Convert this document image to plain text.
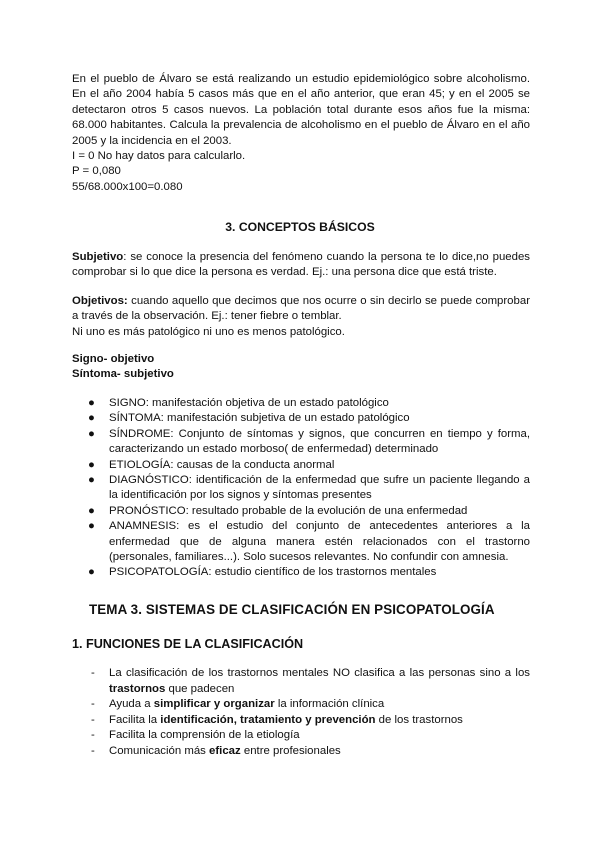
En el pueblo de Álvaro se está realizando un estudio epidemiológico sobre alcoholismo. En el año 2004 había 5 casos más que en el año anterior, que eran 45; y en el 2005 se detectaron otros 5 casos nuevos. La población total durante esos años fue la misma: 68.000 habitantes. Calcula la prevalencia de alcoholismo en el pueblo de Álvaro en el año 2005 y la incidencia en el 2003.

I = 0 No hay datos para calcularlo.

P = 0,080

55/68.000x100=0.080

3. CONCEPTOS BÁSICOS

Subjetivo: se conoce la presencia del fenómeno cuando la persona te lo dice,no puedes comprobar si lo que dice la persona es verdad. Ej.: una persona dice que está triste.

Objetivos: cuando aquello que decimos que nos ocurre o sin decirlo se puede comprobar a través de la observación. Ej.: tener fiebre o temblar.

Ni uno es más patológico ni uno es menos patológico.

Signo- objetivo

Síntoma- subjetivo

● SIGNO: manifestación objetiva de un estado patológico
● SÍNTOMA: manifestación subjetiva de un estado patológico
● SÍNDROME: Conjunto de síntomas y signos, que concurren en tiempo y forma, caracterizando un estado morboso( de enfermedad) determinado
● ETIOLOGÍA: causas de la conducta anormal
● DIAGNÓSTICO: identificación de la enfermedad que sufre un paciente llegando a la identificación por los signos y síntomas presentes
● PRONÓSTICO: resultado probable de la evolución de una enfermedad
● ANAMNESIS: es el estudio del conjunto de antecedentes anteriores a la enfermedad que de alguna manera estén relacionados con el trastorno (personales, familiares...). Solo sucesos relevantes. No confundir con amnesia.
● PSICOPATOLOGÍA: estudio científico de los trastornos mentales
TEMA 3. SISTEMAS DE CLASIFICACIÓN EN PSICOPATOLOGÍA
1. FUNCIONES DE LA CLASIFICACIÓN
- La clasificación de los trastornos mentales NO clasifica a las personas sino a los trastornos que padecen
- Ayuda a simplificar y organizar la información clínica
- Facilita la identificación, tratamiento y prevención de los trastornos
- Facilita la comprensión de la etiología
- Comunicación más eficaz entre profesionales
